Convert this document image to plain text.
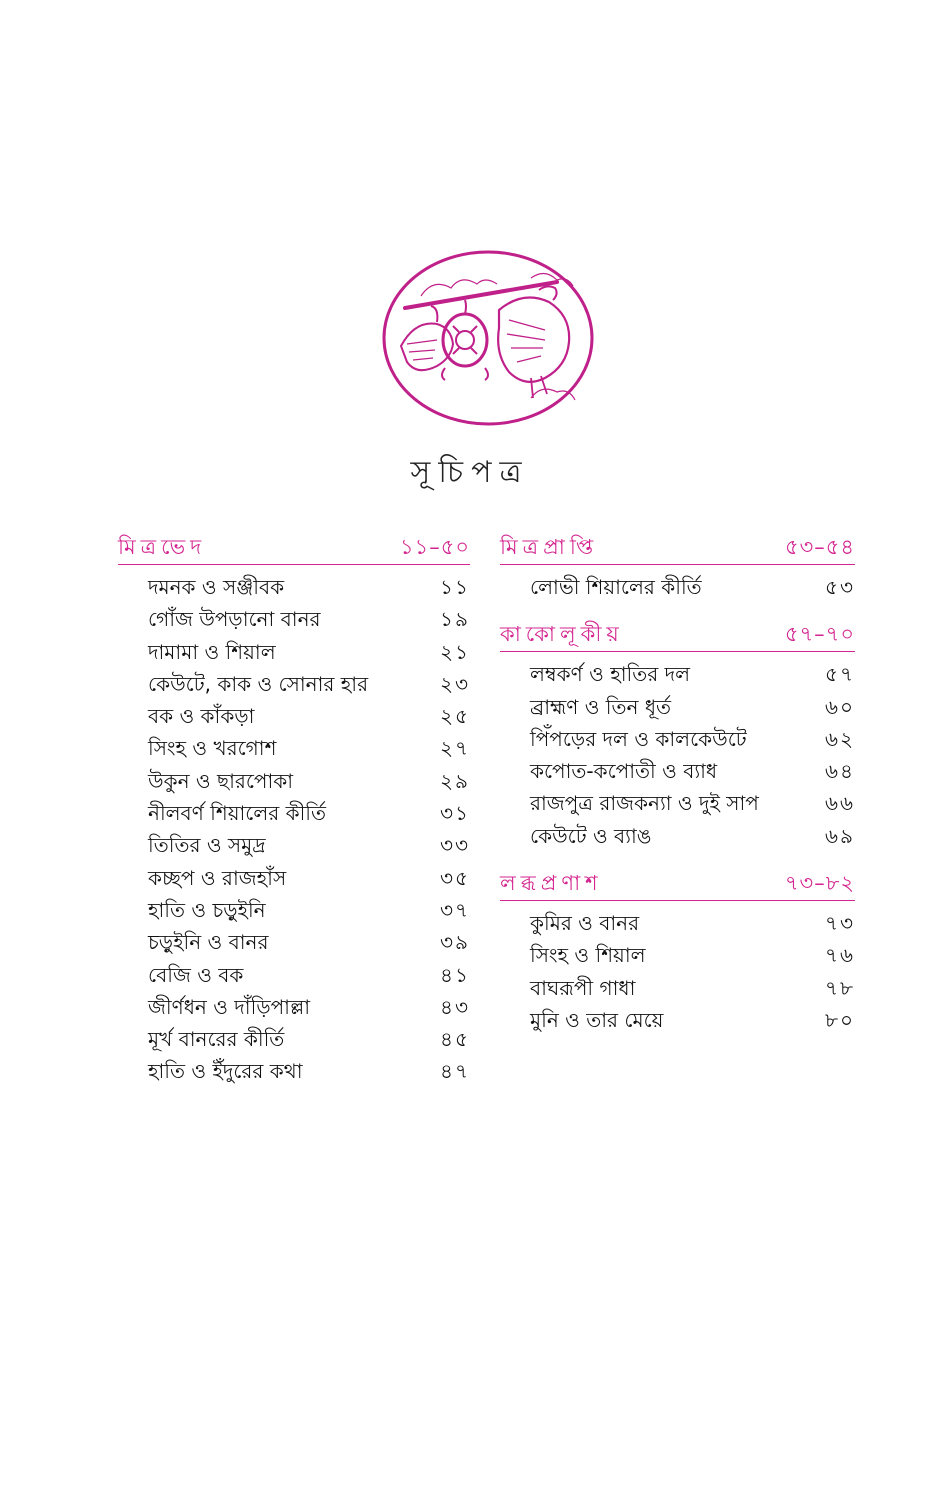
সূচিপত্র
মিত্রভেদ	১১–৫০
দমনক ও সঞ্জীবক	১১
গোঁজ উপড়ানো বানর	১৯
দামামা ও শিয়াল	২১
কেউটে, কাক ও সোনার হার	২৩
বক ও কাঁকড়া	২৫
সিংহ ও খরগোশ	২৭
উকুন ও ছারপোকা	২৯
নীলবর্ণ শিয়ালের কীর্তি	৩১
তিতির ও সমুদ্র	৩৩
কচ্ছপ ও রাজহাঁস	৩৫
হাতি ও চড়ুইনি	৩৭
চড়ুইনি ও বানর	৩৯
বেজি ও বক	৪১
জীর্ণধন ও দাঁড়িপাল্লা	৪৩
মূর্খ বানরের কীর্তি	৪৫
হাতি ও ইঁদুরের কথা	৪৭
মিত্রপ্রাপ্তি	৫৩–৫৪
লোভী শিয়ালের কীর্তি	৫৩
কাকোলূকীয়	৫৭–৭০
লম্বকর্ণ ও হাতির দল	৫৭
ব্রাহ্মণ ও তিন ধূর্ত	৬০
পিঁপড়ের দল ও কালকেউটে	৬২
কপোত-কপোতী ও ব্যাধ	৬৪
রাজপুত্র রাজকন্যা ও দুই সাপ	৬৬
কেউটে ও ব্যাঙ	৬৯
লব্ধপ্রণাশ	৭৩–৮২
কুমির ও বানর	৭৩
সিংহ ও শিয়াল	৭৬
বাঘরূপী গাধা	৭৮
মুনি ও তার মেয়ে	৮০
